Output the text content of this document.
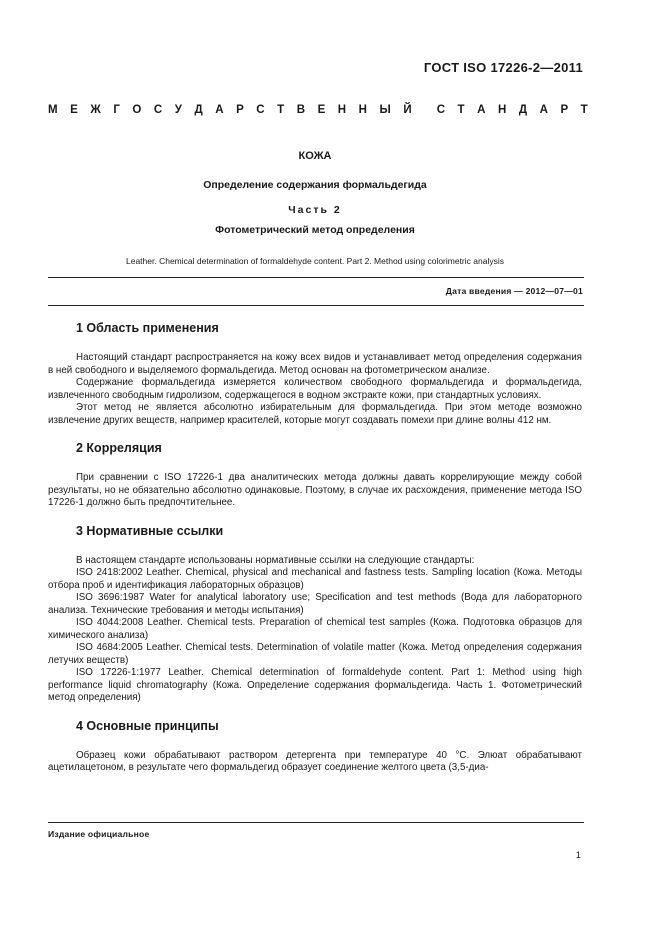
ГОСТ ISO 17226-2—2011
М Е Ж Г О С У Д А Р С Т В Е Н Н Ы Й С Т А Н Д А Р Т
КОЖА
Определение содержания формальдегида
Часть 2
Фотометрический метод определения
Leather. Chemical determination of formaldehyde content. Part 2. Method using colorimetric analysis
Дата введения — 2012—07—01
1 Область применения

Настоящий стандарт распространяется на кожу всех видов и устанавливает метод определения содержания в ней свободного и выделяемого формальдегида. Метод основан на фотометрическом анализе.

Содержание формальдегида измеряется количеством свободного формальдегида и формальдегида, извлеченного свободным гидролизом, содержащегося в водном экстракте кожи, при стандартных условиях.

Этот метод не является абсолютно избирательным для формальдегида. При этом методе возможно извлечение других веществ, например красителей, которые могут создавать помехи при длине волны 412 нм.

2 Корреляция

При сравнении с ISO 17226-1 два аналитических метода должны давать коррелирующие между собой результаты, но не обязательно абсолютно одинаковые. Поэтому, в случае их расхождения, применение метода ISO 17226-1 должно быть предпочтительнее.

3 Нормативные ссылки

В настоящем стандарте использованы нормативные ссылки на следующие стандарты:

ISO 2418:2002 Leather. Chemical, physical and mechanical and fastness tests. Sampling location (Кожа. Методы отбора проб и идентификация лабораторных образцов)

ISO 3696:1987 Water for analytical laboratory use; Specification and test methods (Вода для лабораторного анализа. Технические требования и методы испытания)

ISO 4044:2008 Leather. Chemical tests. Preparation of chemical test samples (Кожа. Подготовка образцов для химического анализа)

ISO 4684:2005 Leather. Chemical tests. Determination of volatile matter (Кожа. Метод определения содержания летучих веществ)

ISO 17226-1:1977 Leather. Chemical determination of formaldehyde content. Part 1: Method using high performance liquid chromatography (Кожа. Определение содержания формальдегида. Часть 1. Фотометрический метод определения)

4 Основные принципы

Образец кожи обрабатывают раствором детергента при температуре 40 °С. Элюат обрабатывают ацетилацетоном, в результате чего формальдегид образует соединение желтого цвета (3,5-диа-

Издание официальное
1
